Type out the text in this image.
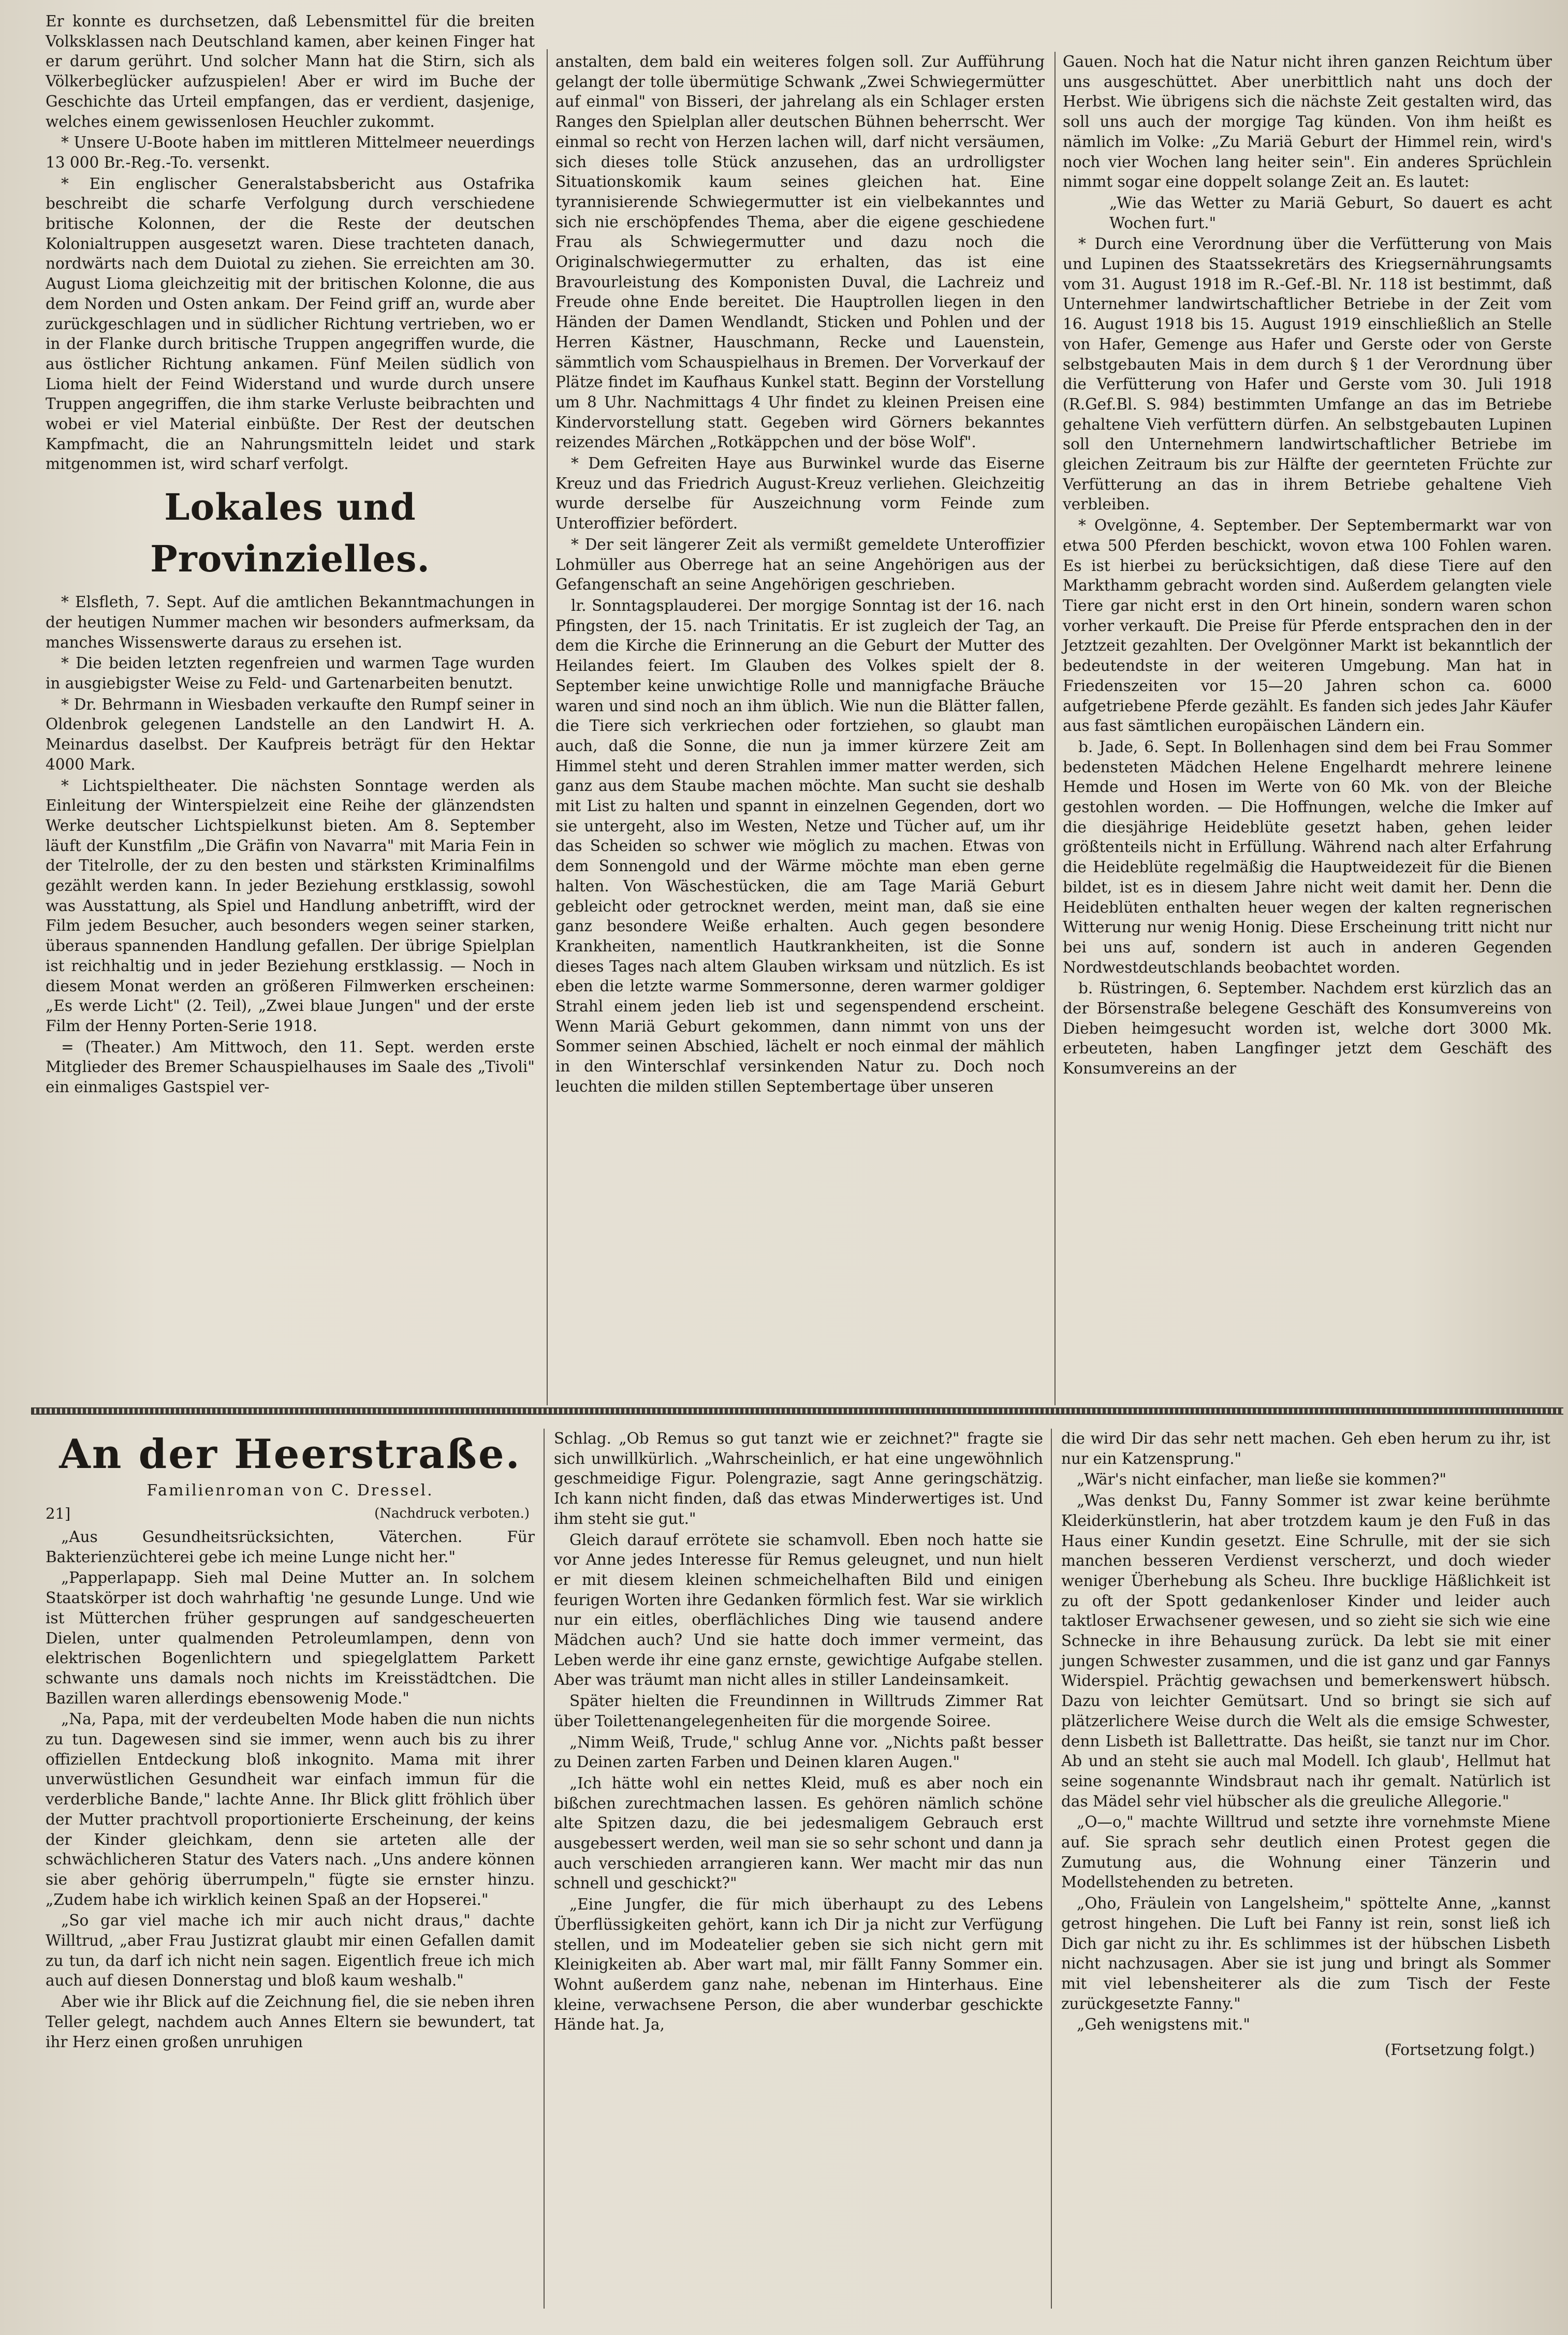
Er konnte es durchsetzen, daß Lebensmittel für die breiten Volksklassen nach Deutschland kamen, aber keinen Finger hat er darum gerührt. Und solcher Mann hat die Stirn, sich als Völkerbeglücker aufzuspielen! Aber er wird im Buche der Geschichte das Urteil empfangen, das er verdient, dasjenige, welches einem gewissenlosen Heuchler zukommt.

* Unsere U-Boote haben im mittleren Mittelmeer neuerdings 13 000 Br.-Reg.-To. versenkt.

* Ein englischer Generalstabsbericht aus Ostafrika beschreibt die scharfe Verfolgung durch verschiedene britische Kolonnen, der die Reste der deutschen Kolonialtruppen ausgesetzt waren. Diese trachteten danach, nordwärts nach dem Duiotal zu ziehen. Sie erreichten am 30. August Lioma gleichzeitig mit der britischen Kolonne, die aus dem Norden und Osten ankam. Der Feind griff an, wurde aber zurückgeschlagen und in südlicher Richtung vertrieben, wo er in der Flanke durch britische Truppen angegriffen wurde, die aus östlicher Richtung ankamen. Fünf Meilen südlich von Lioma hielt der Feind Widerstand und wurde durch unsere Truppen angegriffen, die ihm starke Verluste beibrachten und wobei er viel Material einbüßte. Der Rest der deutschen Kampfmacht, die an Nahrungsmitteln leidet und stark mitgenommen ist, wird scharf verfolgt.

Lokales und Provinzielles.

* Elsfleth, 7. Sept. Auf die amtlichen Bekanntmachungen in der heutigen Nummer machen wir besonders aufmerksam, da manches Wissenswerte daraus zu ersehen ist.

* Die beiden letzten regenfreien und warmen Tage wurden in ausgiebigster Weise zu Feld- und Gartenarbeiten benutzt.

* Dr. Behrmann in Wiesbaden verkaufte den Rumpf seiner in Oldenbrok gelegenen Landstelle an den Landwirt H. A. Meinardus daselbst. Der Kaufpreis beträgt für den Hektar 4000 Mark.

* Lichtspieltheater. Die nächsten Sonntage werden als Einleitung der Winterspielzeit eine Reihe der glänzendsten Werke deutscher Lichtspielkunst bieten. Am 8. September läuft der Kunstfilm „Die Gräfin von Navarra" mit Maria Fein in der Titelrolle, der zu den besten und stärksten Kriminalfilms gezählt werden kann. In jeder Beziehung erstklassig, sowohl was Ausstattung, als Spiel und Handlung anbetrifft, wird der Film jedem Besucher, auch besonders wegen seiner starken, überaus spannenden Handlung gefallen. Der übrige Spielplan ist reichhaltig und in jeder Beziehung erstklassig. — Noch in diesem Monat werden an größeren Filmwerken erscheinen: „Es werde Licht" (2. Teil), „Zwei blaue Jungen" und der erste Film der Henny Porten-Serie 1918.

= (Theater.) Am Mittwoch, den 11. Sept. werden erste Mitglieder des Bremer Schauspielhauses im Saale des „Tivoli" ein einmaliges Gastspiel ver-

anstalten, dem bald ein weiteres folgen soll. Zur Aufführung gelangt der tolle übermütige Schwank „Zwei Schwiegermütter auf einmal" von Bisseri, der jahrelang als ein Schlager ersten Ranges den Spielplan aller deutschen Bühnen beherrscht. Wer einmal so recht von Herzen lachen will, darf nicht versäumen, sich dieses tolle Stück anzusehen, das an urdrolligster Situationskomik kaum seines gleichen hat. Eine tyrannisierende Schwiegermutter ist ein vielbekanntes und sich nie erschöpfendes Thema, aber die eigene geschiedene Frau als Schwiegermutter und dazu noch die Originalschwiegermutter zu erhalten, das ist eine Bravourleistung des Komponisten Duval, die Lachreiz und Freude ohne Ende bereitet. Die Hauptrollen liegen in den Händen der Damen Wendlandt, Sticken und Pohlen und der Herren Kästner, Hauschmann, Recke und Lauenstein, sämmtlich vom Schauspielhaus in Bremen. Der Vorverkauf der Plätze findet im Kaufhaus Kunkel statt. Beginn der Vorstellung um 8 Uhr. Nachmittags 4 Uhr findet zu kleinen Preisen eine Kindervorstellung statt. Gegeben wird Görners bekanntes reizendes Märchen „Rotkäppchen und der böse Wolf".

* Dem Gefreiten Haye aus Burwinkel wurde das Eiserne Kreuz und das Friedrich August-Kreuz verliehen. Gleichzeitig wurde derselbe für Auszeichnung vorm Feinde zum Unteroffizier befördert.

* Der seit längerer Zeit als vermißt gemeldete Unteroffizier Lohmüller aus Oberrege hat an seine Angehörigen aus der Gefangenschaft an seine Angehörigen geschrieben.

lr. Sonntagsplauderei. Der morgige Sonntag ist der 16. nach Pfingsten, der 15. nach Trinitatis. Er ist zugleich der Tag, an dem die Kirche die Erinnerung an die Geburt der Mutter des Heilandes feiert. Im Glauben des Volkes spielt der 8. September keine unwichtige Rolle und mannigfache Bräuche waren und sind noch an ihm üblich. Wie nun die Blätter fallen, die Tiere sich verkriechen oder fortziehen, so glaubt man auch, daß die Sonne, die nun ja immer kürzere Zeit am Himmel steht und deren Strahlen immer matter werden, sich ganz aus dem Staube machen möchte. Man sucht sie deshalb mit List zu halten und spannt in einzelnen Gegenden, dort wo sie untergeht, also im Westen, Netze und Tücher auf, um ihr das Scheiden so schwer wie möglich zu machen. Etwas von dem Sonnengold und der Wärme möchte man eben gerne halten. Von Wäschestücken, die am Tage Mariä Geburt gebleicht oder getrocknet werden, meint man, daß sie eine ganz besondere Weiße erhalten. Auch gegen besondere Krankheiten, namentlich Hautkrankheiten, ist die Sonne dieses Tages nach altem Glauben wirksam und nützlich. Es ist eben die letzte warme Sommersonne, deren warmer goldiger Strahl einem jeden lieb ist und segenspendend erscheint. Wenn Mariä Geburt gekommen, dann nimmt von uns der Sommer seinen Abschied, lächelt er noch einmal der mählich in den Winterschlaf versinkenden Natur zu. Doch noch leuchten die milden stillen Septembertage über unseren

Gauen. Noch hat die Natur nicht ihren ganzen Reichtum über uns ausgeschüttet. Aber unerbittlich naht uns doch der Herbst. Wie übrigens sich die nächste Zeit gestalten wird, das soll uns auch der morgige Tag künden. Von ihm heißt es nämlich im Volke: „Zu Mariä Geburt der Himmel rein, wird's noch vier Wochen lang heiter sein". Ein anderes Sprüchlein nimmt sogar eine doppelt solange Zeit an. Es lautet:

„Wie das Wetter zu Mariä Geburt, So dauert es acht Wochen furt."

* Durch eine Verordnung über die Verfütterung von Mais und Lupinen des Staatssekretärs des Kriegsernährungsamts vom 31. August 1918 im R.-Gef.-Bl. Nr. 118 ist bestimmt, daß Unternehmer landwirtschaftlicher Betriebe in der Zeit vom 16. August 1918 bis 15. August 1919 einschließlich an Stelle von Hafer, Gemenge aus Hafer und Gerste oder von Gerste selbstgebauten Mais in dem durch § 1 der Verordnung über die Verfütterung von Hafer und Gerste vom 30. Juli 1918 (R.Gef.Bl. S. 984) bestimmten Umfange an das im Betriebe gehaltene Vieh verfüttern dürfen. An selbstgebauten Lupinen soll den Unternehmern landwirtschaftlicher Betriebe im gleichen Zeitraum bis zur Hälfte der geernteten Früchte zur Verfütterung an das in ihrem Betriebe gehaltene Vieh verbleiben.

* Ovelgönne, 4. September. Der Septembermarkt war von etwa 500 Pferden beschickt, wovon etwa 100 Fohlen waren. Es ist hierbei zu berücksichtigen, daß diese Tiere auf den Markthamm gebracht worden sind. Außerdem gelangten viele Tiere gar nicht erst in den Ort hinein, sondern waren schon vorher verkauft. Die Preise für Pferde entsprachen den in der Jetztzeit gezahlten. Der Ovelgönner Markt ist bekanntlich der bedeutendste in der weiteren Umgebung. Man hat in Friedenszeiten vor 15—20 Jahren schon ca. 6000 aufgetriebene Pferde gezählt. Es fanden sich jedes Jahr Käufer aus fast sämtlichen europäischen Ländern ein.

b. Jade, 6. Sept. In Bollenhagen sind dem bei Frau Sommer bedensteten Mädchen Helene Engelhardt mehrere leinene Hemde und Hosen im Werte von 60 Mk. von der Bleiche gestohlen worden. — Die Hoffnungen, welche die Imker auf die diesjährige Heideblüte gesetzt haben, gehen leider größtenteils nicht in Erfüllung. Während nach alter Erfahrung die Heideblüte regelmäßig die Hauptweidezeit für die Bienen bildet, ist es in diesem Jahre nicht weit damit her. Denn die Heideblüten enthalten heuer wegen der kalten regnerischen Witterung nur wenig Honig. Diese Erscheinung tritt nicht nur bei uns auf, sondern ist auch in anderen Gegenden Nordwestdeutschlands beobachtet worden.

b. Rüstringen, 6. September. Nachdem erst kürzlich das an der Börsenstraße belegene Geschäft des Konsumvereins von Dieben heimgesucht worden ist, welche dort 3000 Mk. erbeuteten, haben Langfinger jetzt dem Geschäft des Konsumvereins an der

An der Heerstraße.
Familienroman von C. Dressel.
21]	(Nachdruck verboten.)

„Aus Gesundheitsrücksichten, Väterchen. Für Bakterienzüchterei gebe ich meine Lunge nicht her."

„Papperlapapp. Sieh mal Deine Mutter an. In solchem Staatskörper ist doch wahrhaftig 'ne gesunde Lunge. Und wie ist Mütterchen früher gesprungen auf sandgescheuerten Dielen, unter qualmenden Petroleumlampen, denn von elektrischen Bogenlichtern und spiegelglattem Parkett schwante uns damals noch nichts im Kreisstädtchen. Die Bazillen waren allerdings ebensowenig Mode."

„Na, Papa, mit der verdeubelten Mode haben die nun nichts zu tun. Dagewesen sind sie immer, wenn auch bis zu ihrer offiziellen Entdeckung bloß inkognito. Mama mit ihrer unverwüstlichen Gesundheit war einfach immun für die verderbliche Bande," lachte Anne. Ihr Blick glitt fröhlich über der Mutter prachtvoll proportionierte Erscheinung, der keins der Kinder gleichkam, denn sie arteten alle der schwächlicheren Statur des Vaters nach. „Uns andere können sie aber gehörig überrumpeln," fügte sie ernster hinzu. „Zudem habe ich wirklich keinen Spaß an der Hopserei."

„So gar viel mache ich mir auch nicht draus," dachte Willtrud, „aber Frau Justizrat glaubt mir einen Gefallen damit zu tun, da darf ich nicht nein sagen. Eigentlich freue ich mich auch auf diesen Donnerstag und bloß kaum weshalb."

Aber wie ihr Blick auf die Zeichnung fiel, die sie neben ihren Teller gelegt, nachdem auch Annes Eltern sie bewundert, tat ihr Herz einen großen unruhigen

Schlag. „Ob Remus so gut tanzt wie er zeichnet?" fragte sie sich unwillkürlich. „Wahrscheinlich, er hat eine ungewöhnlich geschmeidige Figur. Polengrazie, sagt Anne geringschätzig. Ich kann nicht finden, daß das etwas Minderwertiges ist. Und ihm steht sie gut."

Gleich darauf errötete sie schamvoll. Eben noch hatte sie vor Anne jedes Interesse für Remus geleugnet, und nun hielt er mit diesem kleinen schmeichelhaften Bild und einigen feurigen Worten ihre Gedanken förmlich fest. War sie wirklich nur ein eitles, oberflächliches Ding wie tausend andere Mädchen auch? Und sie hatte doch immer vermeint, das Leben werde ihr eine ganz ernste, gewichtige Aufgabe stellen. Aber was träumt man nicht alles in stiller Landeinsamkeit.

Später hielten die Freundinnen in Willtruds Zimmer Rat über Toilettenangelegenheiten für die morgende Soiree.

„Nimm Weiß, Trude," schlug Anne vor. „Nichts paßt besser zu Deinen zarten Farben und Deinen klaren Augen."

„Ich hätte wohl ein nettes Kleid, muß es aber noch ein bißchen zurechtmachen lassen. Es gehören nämlich schöne alte Spitzen dazu, die bei jedesmaligem Gebrauch erst ausgebessert werden, weil man sie so sehr schont und dann ja auch verschieden arrangieren kann. Wer macht mir das nun schnell und geschickt?"

„Eine Jungfer, die für mich überhaupt zu des Lebens Überflüssigkeiten gehört, kann ich Dir ja nicht zur Verfügung stellen, und im Modeatelier geben sie sich nicht gern mit Kleinigkeiten ab. Aber wart mal, mir fällt Fanny Sommer ein. Wohnt außerdem ganz nahe, nebenan im Hinterhaus. Eine kleine, verwachsene Person, die aber wunderbar geschickte Hände hat. Ja,

die wird Dir das sehr nett machen. Geh eben herum zu ihr, ist nur ein Katzensprung."

„Wär's nicht einfacher, man ließe sie kommen?"

„Was denkst Du, Fanny Sommer ist zwar keine berühmte Kleiderkünstlerin, hat aber trotzdem kaum je den Fuß in das Haus einer Kundin gesetzt. Eine Schrulle, mit der sie sich manchen besseren Verdienst verscherzt, und doch wieder weniger Überhebung als Scheu. Ihre bucklige Häßlichkeit ist zu oft der Spott gedankenloser Kinder und leider auch taktloser Erwachsener gewesen, und so zieht sie sich wie eine Schnecke in ihre Behausung zurück. Da lebt sie mit einer jungen Schwester zusammen, und die ist ganz und gar Fannys Widerspiel. Prächtig gewachsen und bemerkenswert hübsch. Dazu von leichter Gemütsart. Und so bringt sie sich auf plätzerlichere Weise durch die Welt als die emsige Schwester, denn Lisbeth ist Ballettratte. Das heißt, sie tanzt nur im Chor. Ab und an steht sie auch mal Modell. Ich glaub', Hellmut hat seine sogenannte Windsbraut nach ihr gemalt. Natürlich ist das Mädel sehr viel hübscher als die greuliche Allegorie."

„O—o," machte Willtrud und setzte ihre vornehmste Miene auf. Sie sprach sehr deutlich einen Protest gegen die Zumutung aus, die Wohnung einer Tänzerin und Modellstehenden zu betreten.

„Oho, Fräulein von Langelsheim," spöttelte Anne, „kannst getrost hingehen. Die Luft bei Fanny ist rein, sonst ließ ich Dich gar nicht zu ihr. Es schlimmes ist der hübschen Lisbeth nicht nachzusagen. Aber sie ist jung und bringt als Sommer mit viel lebensheiterer als die zum Tisch der Feste zurückgesetzte Fanny."

„Geh wenigstens mit."

(Fortsetzung folgt.)
